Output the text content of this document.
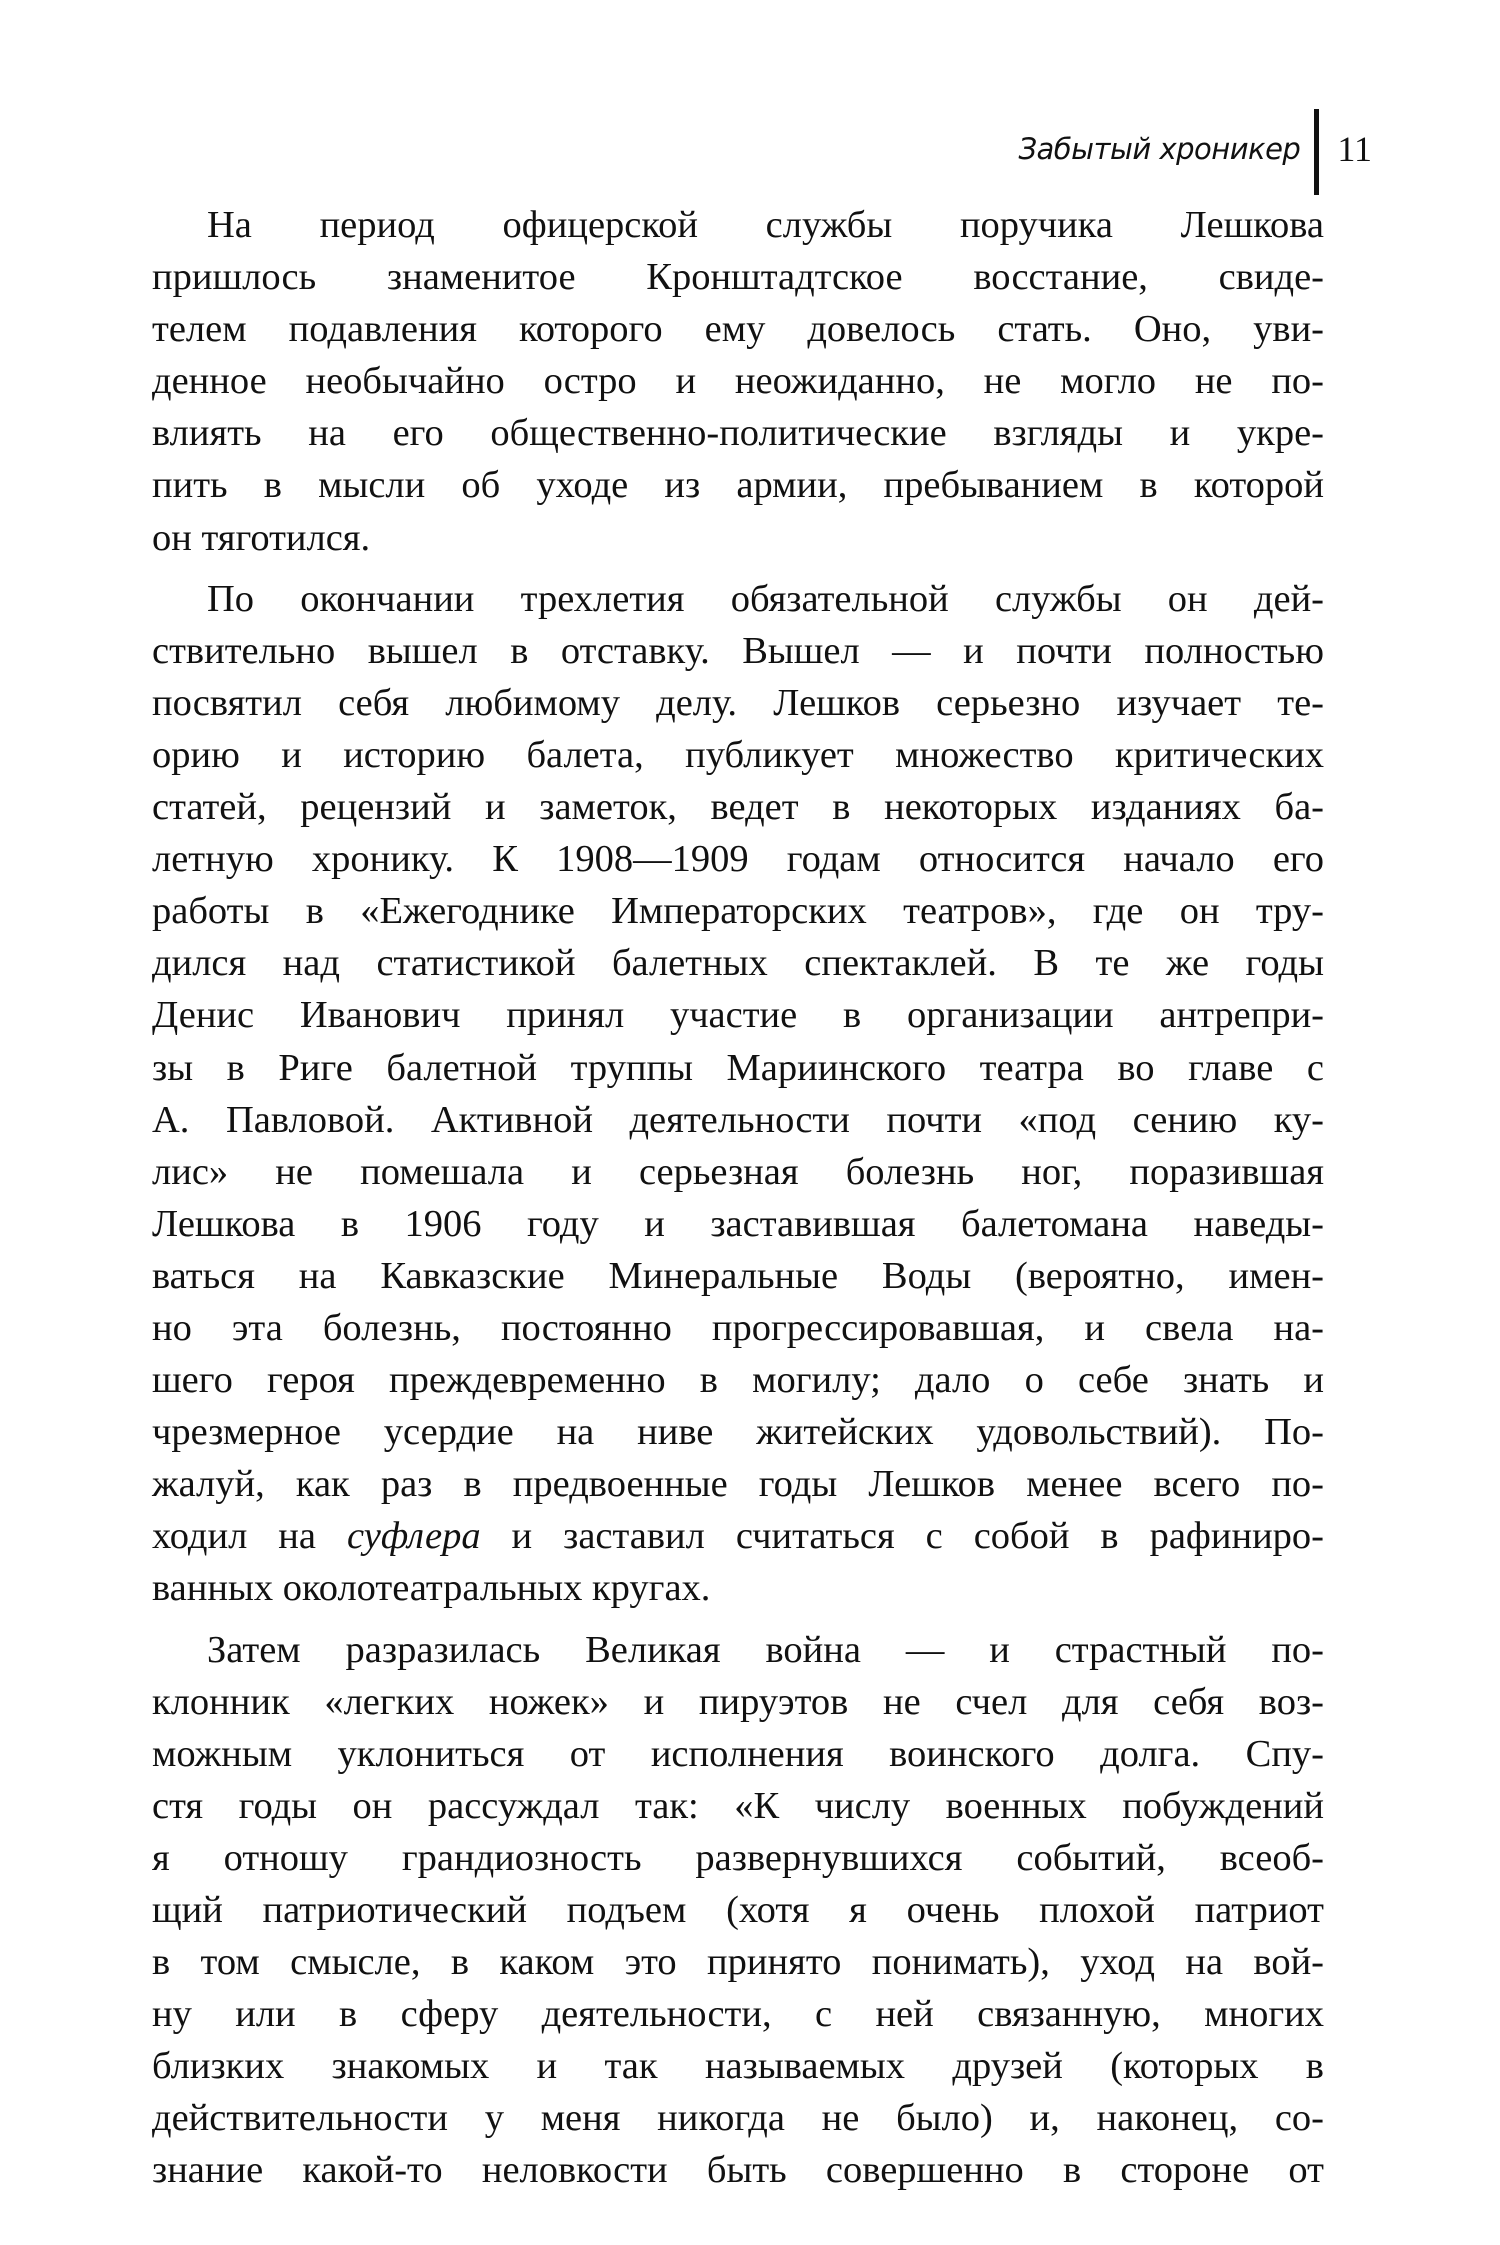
Забытый хроникер	11
На период офицерской службы поручика Лешкова
пришлось знаменитое Кронштадтское восстание, свиде-
телем подавления которого ему довелось стать. Оно, уви-
денное необычайно остро и неожиданно, не могло не по-
влиять на его общественно-политические взгляды и укре-
пить в мысли об уходе из армии, пребыванием в которой
он тяготился.
По окончании трехлетия обязательной службы он дей-
ствительно вышел в отставку. Вышел — и почти полностью
посвятил себя любимому делу. Лешков серьезно изучает те-
орию и историю балета, публикует множество критических
статей, рецензий и заметок, ведет в некоторых изданиях ба-
летную хронику. К 1908—1909 годам относится начало его
работы в «Ежегоднике Императорских театров», где он тру-
дился над статистикой балетных спектаклей. В те же годы
Денис Иванович принял участие в организации антрепри-
зы в Риге балетной труппы Мариинского театра во главе с
А. Павловой. Активной деятельности почти «под сению ку-
лис» не помешала и серьезная болезнь ног, поразившая
Лешкова в 1906 году и заставившая балетомана наведы-
ваться на Кавказские Минеральные Воды (вероятно, имен-
но эта болезнь, постоянно прогрессировавшая, и свела на-
шего героя преждевременно в могилу; дало о себе знать и
чрезмерное усердие на ниве житейских удовольствий). По-
жалуй, как раз в предвоенные годы Лешков менее всего по-
ходил на суфлера и заставил считаться с собой в рафиниро-
ванных околотеатральных кругах.
Затем разразилась Великая война — и страстный по-
клонник «легких ножек» и пируэтов не счел для себя воз-
можным уклониться от исполнения воинского долга. Спу-
стя годы он рассуждал так: «К числу военных побуждений
я отношу грандиозность развернувшихся событий, всеоб-
щий патриотический подъем (хотя я очень плохой патриот
в том смысле, в каком это принято понимать), уход на вой-
ну или в сферу деятельности, с ней связанную, многих
близких знакомых и так называемых друзей (которых в
действительности у меня никогда не было) и, наконец, со-
знание какой-то неловкости быть совершенно в стороне от
